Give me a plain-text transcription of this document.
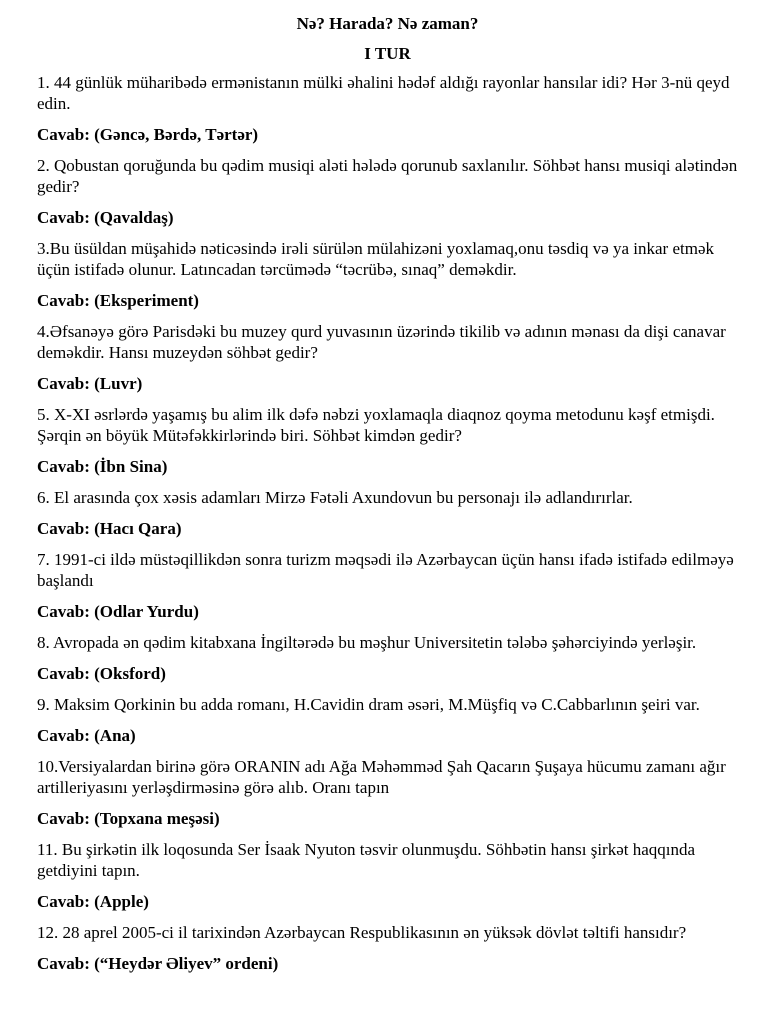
Nə? Harada? Nə zaman?

I TUR

1. 44 günlük müharibədə ermənistanın mülki əhalini hədəf aldığı rayonlar hansılar idi? Hər 3-nü qeyd edin.

Cavab: (Gəncə, Bərdə, Tərtər)

2. Qobustan qoruğunda bu qədim musiqi aləti hələdə qorunub saxlanılır. Söhbət hansı musiqi alətindən gedir?

Cavab: (Qavaldaş)

3.Bu üsüldan müşahidə nəticəsində irəli sürülən mülahizəni yoxlamaq,onu təsdiq və ya inkar etmək üçün istifadə olunur. Latıncadan tərcümədə “təcrübə, sınaq” deməkdir.

Cavab: (Eksperiment)

4.Əfsanəyə görə Parisdəki bu muzey qurd yuvasının üzərində tikilib və adının mənası da dişi canavar deməkdir. Hansı muzeydən söhbət gedir?

Cavab: (Luvr)

5. X-XI əsrlərdə yaşamış bu alim ilk dəfə nəbzi yoxlamaqla diaqnoz qoyma metodunu kəşf etmişdi. Şərqin ən böyük Mütəfəkkirlərində biri. Söhbət kimdən gedir?

Cavab: (İbn Sina)

6. El arasında çox xəsis adamları Mirzə Fətəli Axundovun bu personajı ilə adlandırırlar.

Cavab: (Hacı Qara)

7. 1991-ci ildə müstəqillikdən sonra turizm məqsədi ilə Azərbaycan üçün hansı ifadə istifadə edilməyə başlandı

Cavab: (Odlar Yurdu)

8. Avropada ən qədim kitabxana İngiltərədə bu məşhur Universitetin tələbə şəhərciyində yerləşir.

Cavab: (Oksford)

9. Maksim Qorkinin bu adda romanı, H.Cavidin dram əsəri, M.Müşfiq və C.Cabbarlının şeiri var.

Cavab: (Ana)

10.Versiyalardan birinə görə ORANIN adı Ağa Məhəmməd Şah Qacarın Şuşaya hücumu zamanı ağır artilleriyasını yerləşdirməsinə görə alıb. Oranı tapın

Cavab: (Topxana meşəsi)

11. Bu şirkətin ilk loqosunda Ser İsaak Nyuton təsvir olunmuşdu. Söhbətin hansı şirkət haqqında getdiyini tapın.

Cavab: (Apple)

12. 28 aprel 2005-ci il tarixindən Azərbaycan Respublikasının ən yüksək dövlət təltifi hansıdır?

Cavab: (“Heydər Əliyev” ordeni)
